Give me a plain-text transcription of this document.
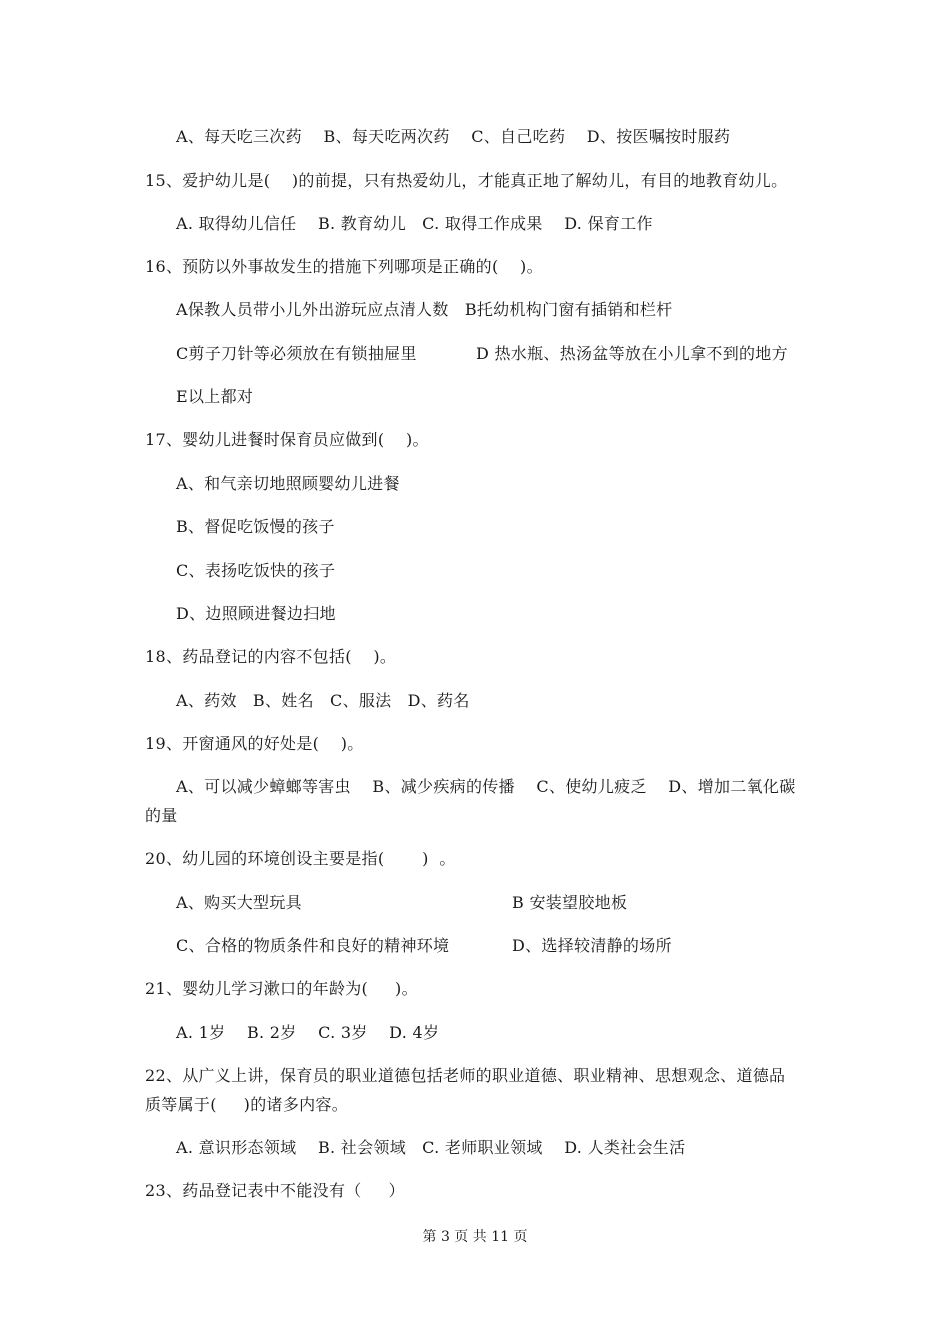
A、每天吃三次药    B、每天吃两次药    C、自己吃药    D、按医嘱按时服药
15、爱护幼儿是(    )的前提，只有热爱幼儿，才能真正地了解幼儿，有目的地教育幼儿。
A. 取得幼儿信任    B. 教育幼儿   C. 取得工作成果    D. 保育工作
16、预防以外事故发生的措施下列哪项是正确的(    )。
A保教人员带小儿外出游玩应点清人数   B托幼机构门窗有插销和栏杆
C剪子刀针等必须放在有锁抽屉里           D 热水瓶、热汤盆等放在小儿拿不到的地方
E以上都对
17、婴幼儿进餐时保育员应做到(    )。
A、和气亲切地照顾婴幼儿进餐
B、督促吃饭慢的孩子
C、表扬吃饭快的孩子
D、边照顾进餐边扫地
18、药品登记的内容不包括(    )。
A、药效   B、姓名   C、服法   D、药名
19、开窗通风的好处是(    )。
A、可以减少蟑螂等害虫    B、减少疾病的传播    C、使幼儿疲乏    D、增加二氧化碳
的量
20、幼儿园的环境创设主要是指(       )  。
A、购买大型玩具	B 安装望胶地板
C、合格的物质条件和良好的精神环境	D、选择较清静的场所
21、婴幼儿学习漱口的年龄为(     )。
A. 1岁    B. 2岁    C. 3岁    D. 4岁
22、从广义上讲，保育员的职业道德包括老师的职业道德、职业精神、思想观念、道德品
质等属于(     )的诸多内容。
A. 意识形态领域    B. 社会领域   C. 老师职业领域    D. 人类社会生活
23、药品登记表中不能没有（     ）
第 3 页 共 11 页
